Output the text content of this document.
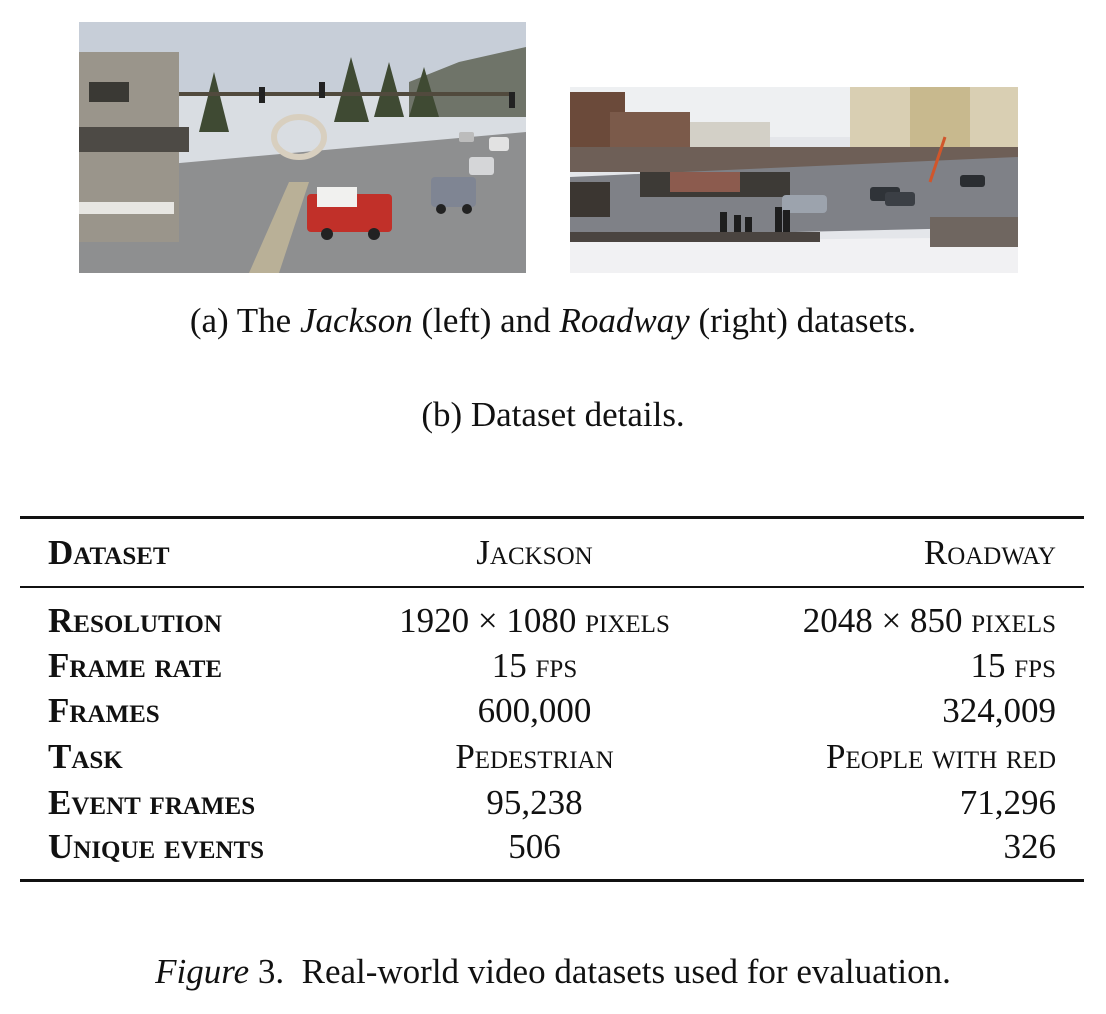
(a) The Jackson (left) and Roadway (right) datasets.
(b) Dataset details.
Dataset	Jackson	Roadway
Resolution	1920 × 1080 pixels	2048 × 850 pixels
Frame rate	15 fps	15 fps
Frames	600,000	324,009
Task	Pedestrian	People with red
Event frames	95,238	71,296
Unique events	506	326
Figure 3. Real-world video datasets used for evaluation.
